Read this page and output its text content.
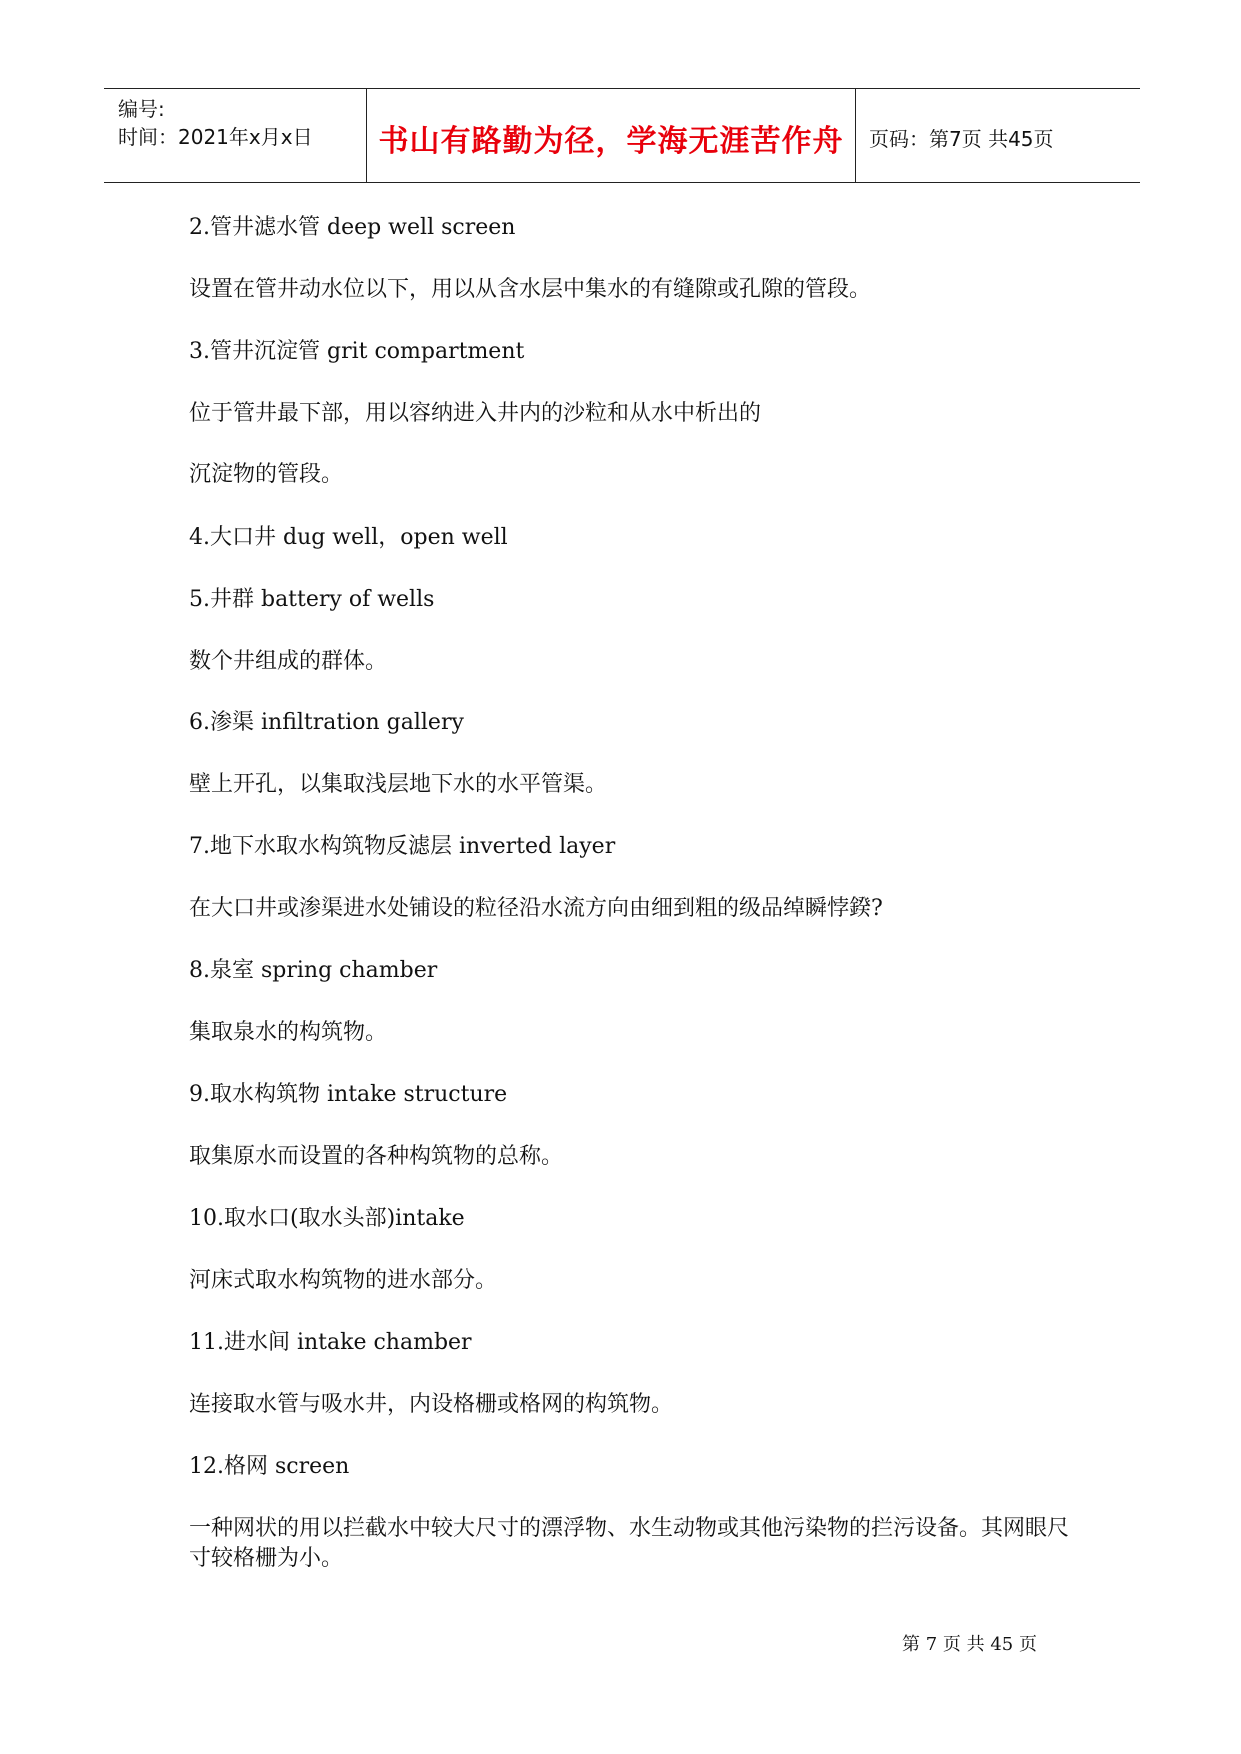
编号:
时间：2021年x月x日	书山有路勤为径，学海无涯苦作舟	页码：第7页 共45页
2.管井滤水管 deep well screen
设置在管井动水位以下，用以从含水层中集水的有缝隙或孔隙的管段。
3.管井沉淀管 grit compartment
位于管井最下部，用以容纳进入井内的沙粒和从水中析出的
沉淀物的管段。
4.大口井 dug well，open well
5.井群 battery of wells
数个井组成的群体。
6.渗渠 infiltration gallery
壁上开孔，以集取浅层地下水的水平管渠。
7.地下水取水构筑物反滤层 inverted layer
在大口井或渗渠进水处铺设的粒径沿水流方向由细到粗的级品绰瞬悖鍨?
8.泉室 spring chamber
集取泉水的构筑物。
9.取水构筑物 intake structure
取集原水而设置的各种构筑物的总称。
10.取水口(取水头部)intake
河床式取水构筑物的进水部分。
11.进水间 intake chamber
连接取水管与吸水井，内设格栅或格网的构筑物。
12.格网 screen
一种网状的用以拦截水中较大尺寸的漂浮物、水生动物或其他污染物的拦污设备。其网眼尺寸较格栅为小。
第 7 页 共 45 页
